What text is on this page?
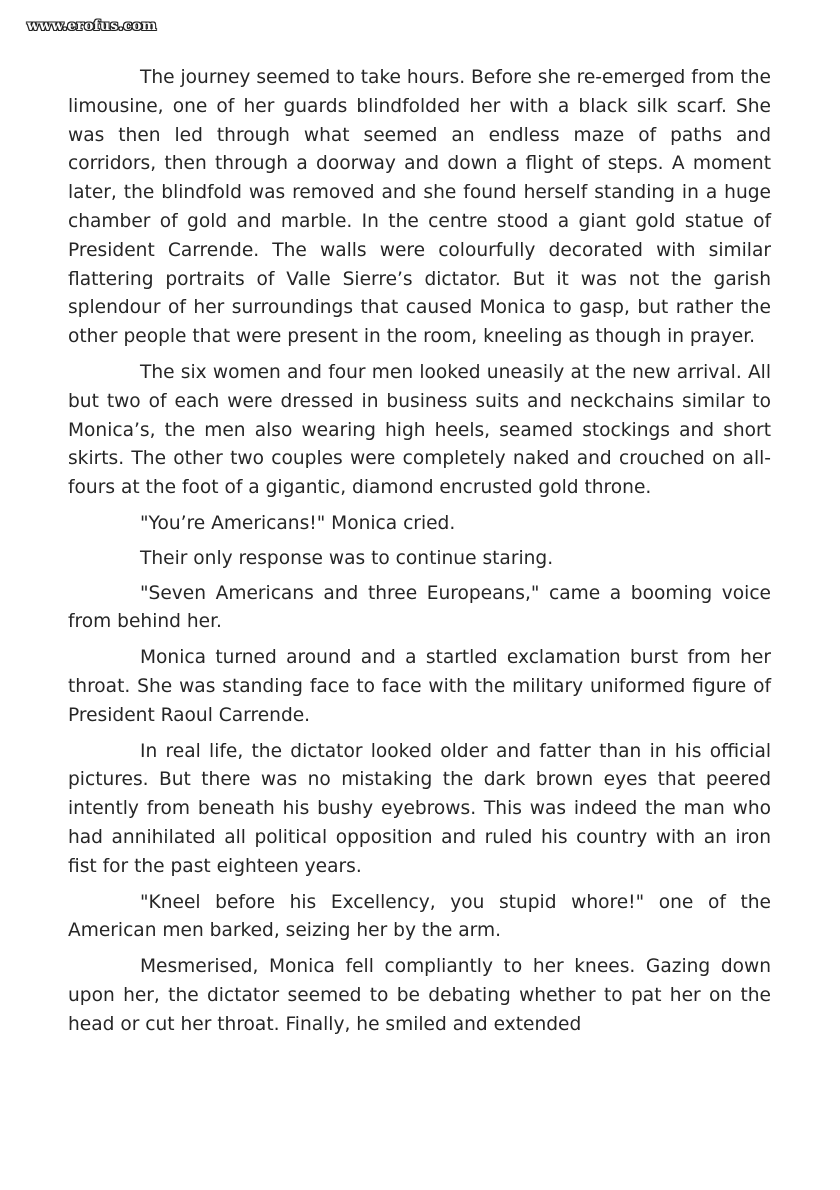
www.erofus.com

The journey seemed to take hours. Before she re-emerged from the limousine, one of her guards blindfolded her with a black silk scarf. She was then led through what seemed an endless maze of paths and corridors, then through a doorway and down a flight of steps. A moment later, the blindfold was removed and she found herself standing in a huge chamber of gold and marble. In the centre stood a giant gold statue of President Carrende. The walls were colourfully decorated with similar flattering portraits of Valle Sierre’s dictator. But it was not the garish splendour of her surroundings that caused Monica to gasp, but rather the other people that were present in the room, kneeling as though in prayer.

The six women and four men looked uneasily at the new arrival. All but two of each were dressed in business suits and neckchains similar to Monica’s, the men also wearing high heels, seamed stockings and short skirts. The other two couples were completely naked and crouched on all-fours at the foot of a gigantic, diamond encrusted gold throne.

"You’re Americans!" Monica cried.

Their only response was to continue staring.

"Seven Americans and three Europeans," came a booming voice from behind her.

Monica turned around and a startled exclamation burst from her throat. She was standing face to face with the military uniformed figure of President Raoul Carrende.

In real life, the dictator looked older and fatter than in his official pictures. But there was no mistaking the dark brown eyes that peered intently from beneath his bushy eyebrows. This was indeed the man who had annihilated all political opposition and ruled his country with an iron fist for the past eighteen years.

"Kneel before his Excellency, you stupid whore!" one of the American men barked, seizing her by the arm.

Mesmerised, Monica fell compliantly to her knees. Gazing down upon her, the dictator seemed to be debating whether to pat her on the head or cut her throat. Finally, he smiled and extended
